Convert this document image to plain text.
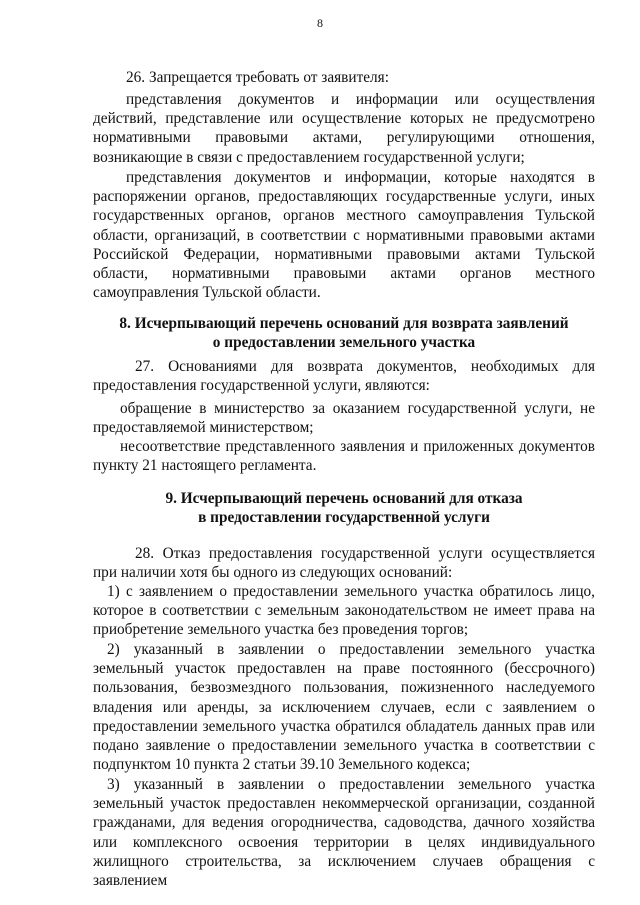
8

26. Запрещается требовать от заявителя:

представления документов и информации или осуществления действий, представление или осуществление которых не предусмотрено нормативными правовыми актами, регулирующими отношения, возникающие в связи с предоставлением государственной услуги;

представления документов и информации, которые находятся в распоряжении органов, предоставляющих государственные услуги, иных государственных органов, органов местного самоуправления Тульской области, организаций, в соответствии с нормативными правовыми актами Российской Федерации, нормативными правовыми актами Тульской области, нормативными правовыми актами органов местного самоуправления Тульской области.

8. Исчерпывающий перечень оснований для возврата заявлений
о предоставлении земельного участка

27. Основаниями для возврата документов, необходимых для предоставления государственной услуги, являются:

обращение в министерство за оказанием государственной услуги, не предоставляемой министерством;

несоответствие представленного заявления и приложенных документов пункту 21 настоящего регламента.

9. Исчерпывающий перечень оснований для отказа
в предоставлении государственной услуги

28. Отказ предоставления государственной услуги осуществляется при наличии хотя бы одного из следующих оснований:

1) с заявлением о предоставлении земельного участка обратилось лицо, которое в соответствии с земельным законодательством не имеет права на приобретение земельного участка без проведения торгов;

2) указанный в заявлении о предоставлении земельного участка земельный участок предоставлен на праве постоянного (бессрочного) пользования, безвозмездного пользования, пожизненного наследуемого владения или аренды, за исключением случаев, если с заявлением о предоставлении земельного участка обратился обладатель данных прав или подано заявление о предоставлении земельного участка в соответствии с подпунктом 10 пункта 2 статьи 39.10 Земельного кодекса;

3) указанный в заявлении о предоставлении земельного участка земельный участок предоставлен некоммерческой организации, созданной гражданами, для ведения огородничества, садоводства, дачного хозяйства или комплексного освоения территории в целях индивидуального жилищного строительства, за исключением случаев обращения с заявлением
